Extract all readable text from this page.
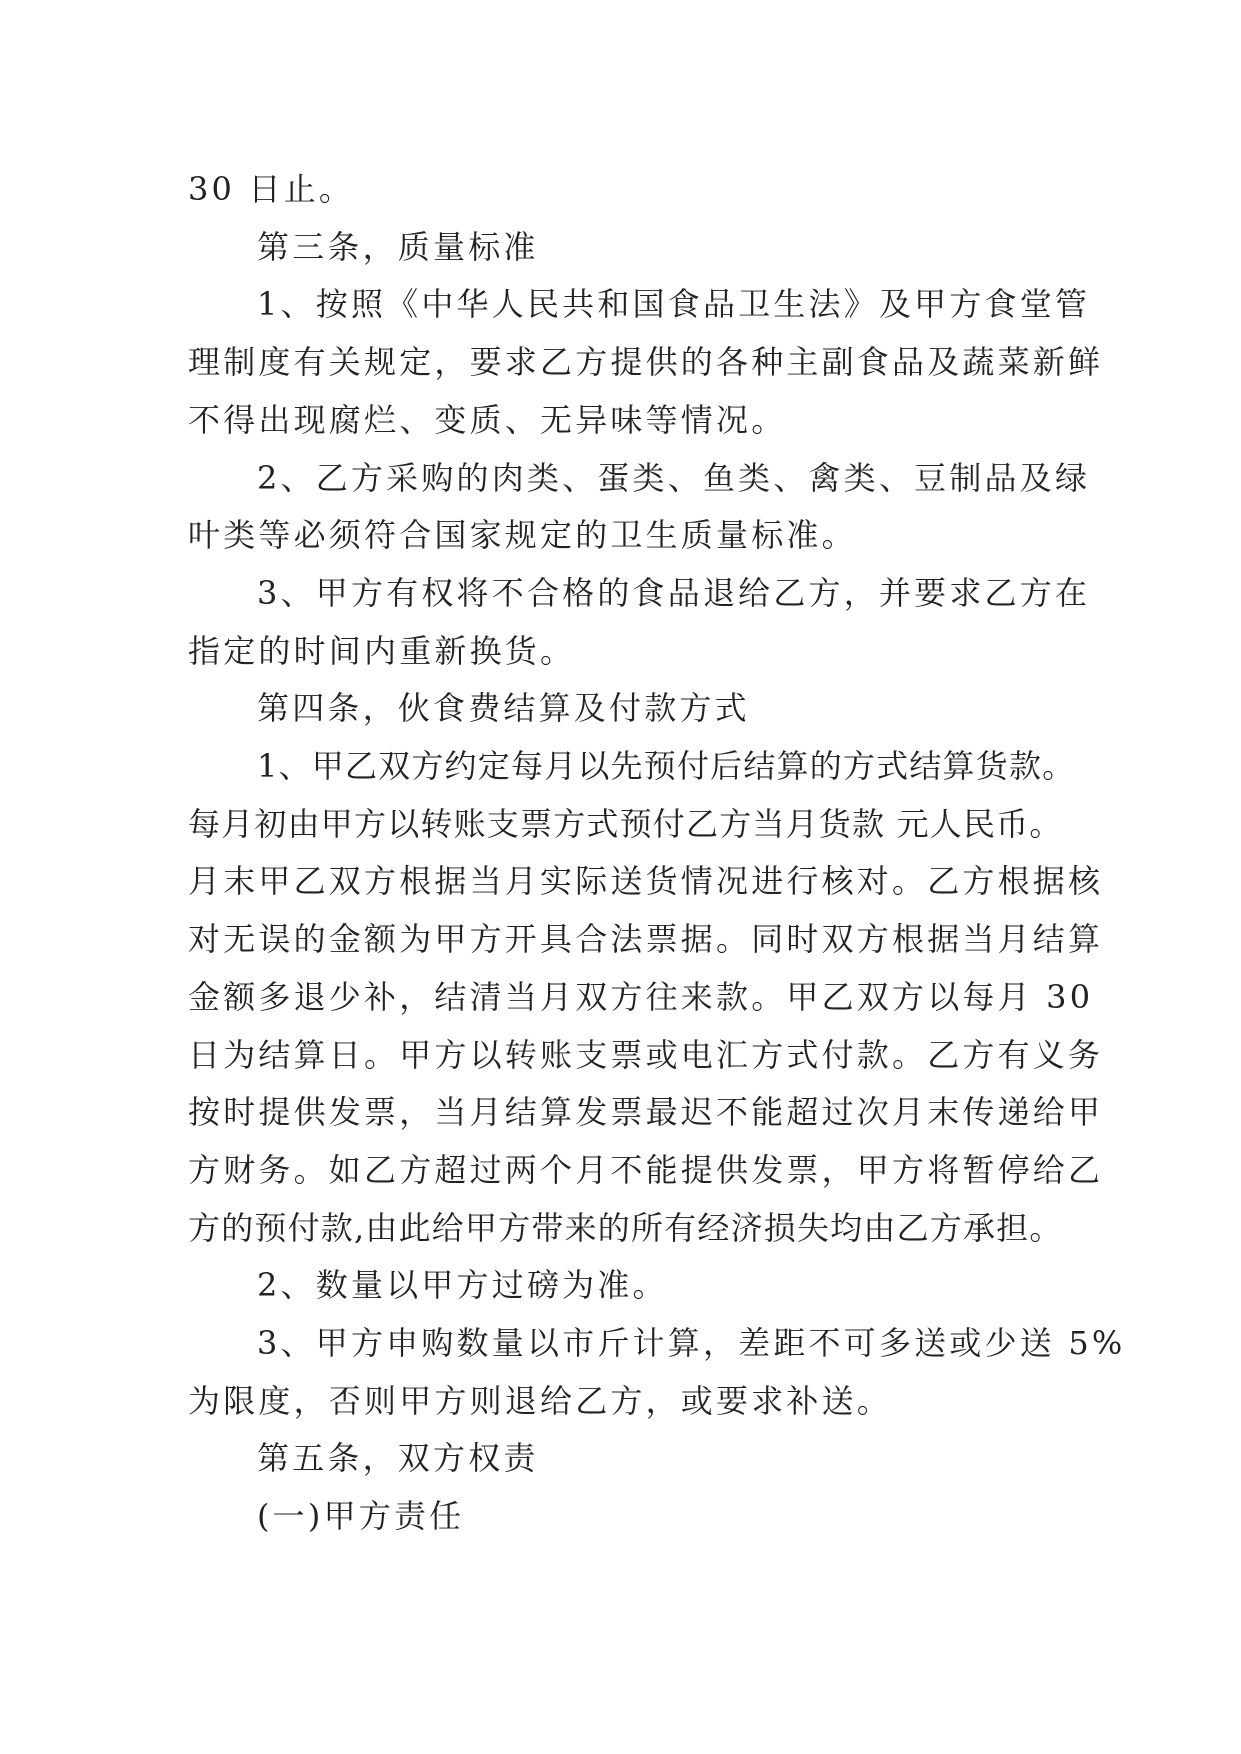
30 日止。

第三条，质量标准

1、按照《中华人民共和国食品卫生法》及甲方食堂管

理制度有关规定，要求乙方提供的各种主副食品及蔬菜新鲜

不得出现腐烂、变质、无异味等情况。

2、乙方采购的肉类、蛋类、鱼类、禽类、豆制品及绿

叶类等必须符合国家规定的卫生质量标准。

3、甲方有权将不合格的食品退给乙方，并要求乙方在

指定的时间内重新换货。

第四条，伙食费结算及付款方式

1、甲乙双方约定每月以先预付后结算的方式结算货款。

每月初由甲方以转账支票方式预付乙方当月货款 元人民币。

月末甲乙双方根据当月实际送货情况进行核对。乙方根据核

对无误的金额为甲方开具合法票据。同时双方根据当月结算

金额多退少补，结清当月双方往来款。甲乙双方以每月 30

日为结算日。甲方以转账支票或电汇方式付款。乙方有义务

按时提供发票，当月结算发票最迟不能超过次月末传递给甲

方财务。如乙方超过两个月不能提供发票，甲方将暂停给乙

方的预付款,由此给甲方带来的所有经济损失均由乙方承担。

2、数量以甲方过磅为准。

3、甲方申购数量以市斤计算，差距不可多送或少送 5%

为限度，否则甲方则退给乙方，或要求补送。

第五条，双方权责

(一)甲方责任
